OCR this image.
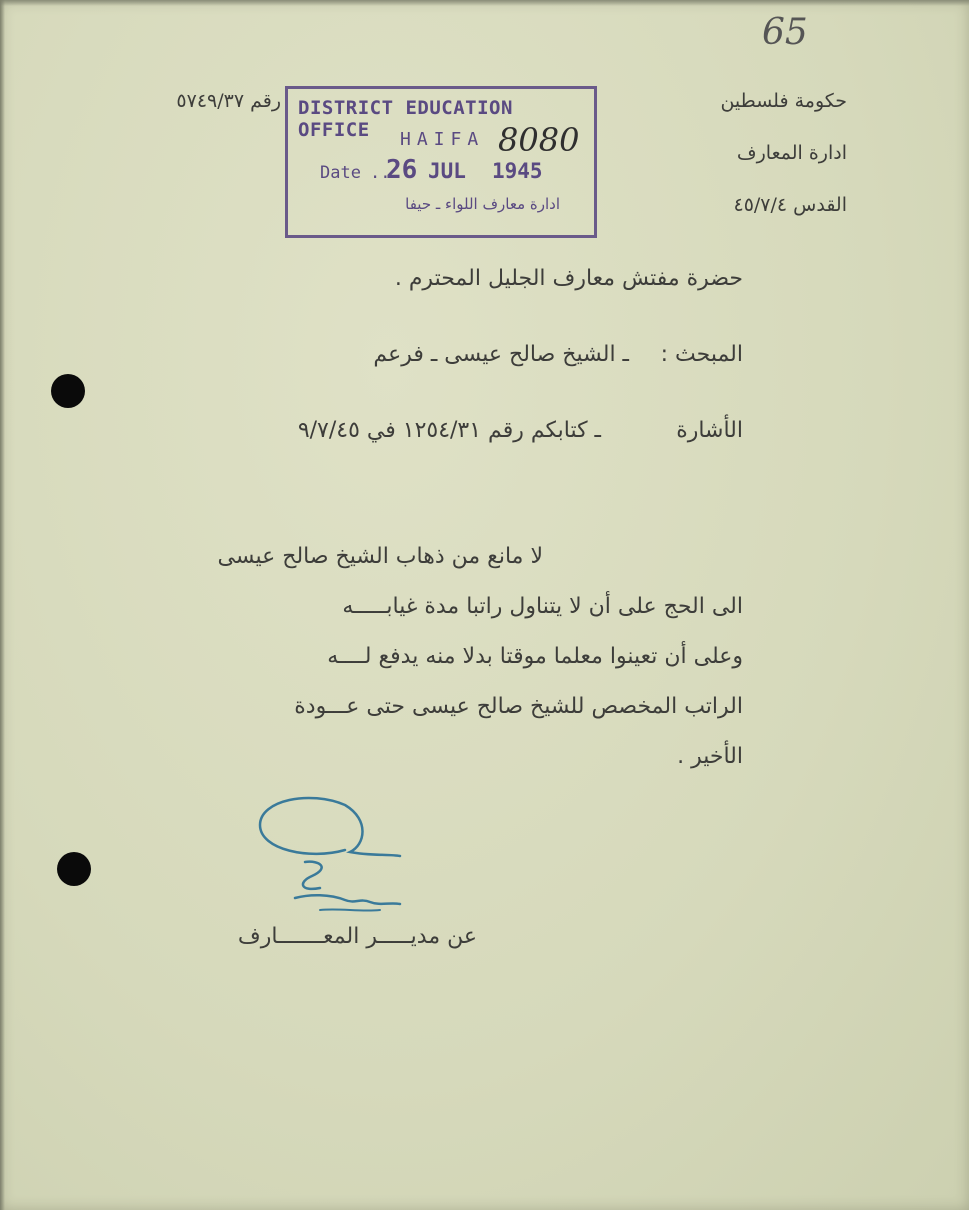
65
حكومة فلسطين
ادارة المعارف
القدس ٤٥/٧/٤
رقم ٥٧٤٩/٣٧ DISTRICT EDUCATION OFFICE	HAIFA 8080
Date ..
26 JUL 1945
ادارة معارف اللواء ـ حيفا
حضرة مفتش معارف الجليل المحترم .
المبحث :
ـ الشيخ صالح عيسى ـ فرعم
الأشارة
ـ كتابكم رقم ١٢٥٤/٣١ في ٩/٧/٤٥
لا مانع من ذهاب الشيخ صالح عيسى
الى الحج على أن لا يتناول راتبا مدة غيابـــــه
وعلى أن تعينوا معلما موقتا بدلا منه يدفع لــــه
الراتب المخصص للشيخ صالح عيسى حتى عـــودة
الأخير .
عن مديـــــر المعـــــــارف
